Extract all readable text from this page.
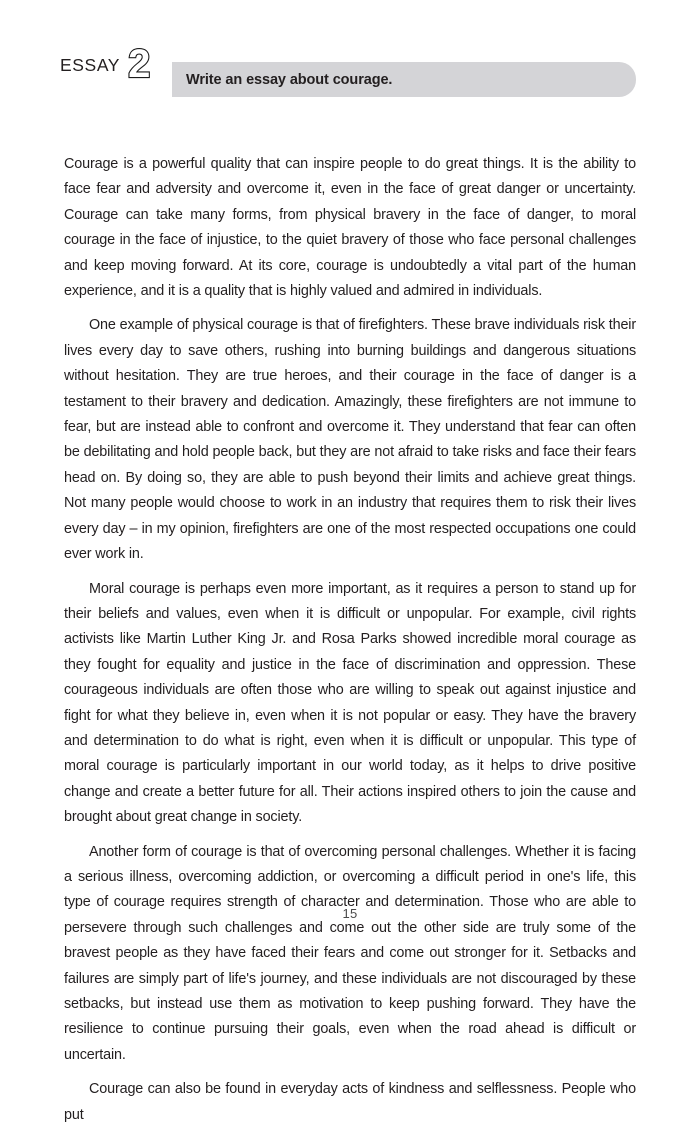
ESSAY 2	Write an essay about courage.

Courage is a powerful quality that can inspire people to do great things. It is the ability to face fear and adversity and overcome it, even in the face of great danger or uncertainty. Courage can take many forms, from physical bravery in the face of danger, to moral courage in the face of injustice, to the quiet bravery of those who face personal challenges and keep moving forward. At its core, courage is undoubtedly a vital part of the human experience, and it is a quality that is highly valued and admired in individuals.

One example of physical courage is that of firefighters. These brave individuals risk their lives every day to save others, rushing into burning buildings and dangerous situations without hesitation. They are true heroes, and their courage in the face of danger is a testament to their bravery and dedication. Amazingly, these firefighters are not immune to fear, but are instead able to confront and overcome it. They understand that fear can often be debilitating and hold people back, but they are not afraid to take risks and face their fears head on. By doing so, they are able to push beyond their limits and achieve great things. Not many people would choose to work in an industry that requires them to risk their lives every day – in my opinion, firefighters are one of the most respected occupations one could ever work in.

Moral courage is perhaps even more important, as it requires a person to stand up for their beliefs and values, even when it is difficult or unpopular. For example, civil rights activists like Martin Luther King Jr. and Rosa Parks showed incredible moral courage as they fought for equality and justice in the face of discrimination and oppression. These courageous individuals are often those who are willing to speak out against injustice and fight for what they believe in, even when it is not popular or easy. They have the bravery and determination to do what is right, even when it is difficult or unpopular. This type of moral courage is particularly important in our world today, as it helps to drive positive change and create a better future for all. Their actions inspired others to join the cause and brought about great change in society.

Another form of courage is that of overcoming personal challenges. Whether it is facing a serious illness, overcoming addiction, or overcoming a difficult period in one's life, this type of courage requires strength of character and determination. Those who are able to persevere through such challenges and come out the other side are truly some of the bravest people as they have faced their fears and come out stronger for it. Setbacks and failures are simply part of life's journey, and these individuals are not discouraged by these setbacks, but instead use them as motivation to keep pushing forward. They have the resilience to continue pursuing their goals, even when the road ahead is difficult or uncertain.

Courage can also be found in everyday acts of kindness and selflessness. People who put

15
